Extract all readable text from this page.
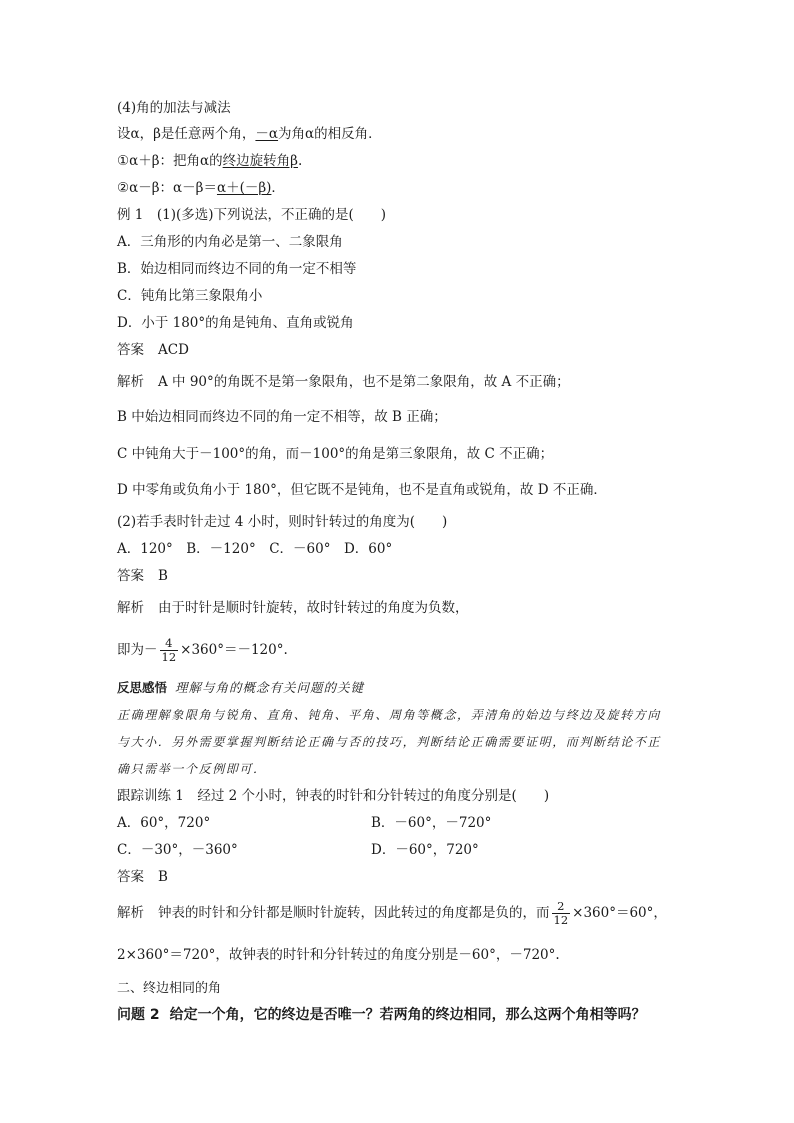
(4)角的加法与减法
设α，β是任意两个角，－α为角α的相反角．
①α＋β：把角α的终边旋转角β.
②α－β：α－β＝α＋(－β)．
例 1　(1)(多选)下列说法，不正确的是(　　)
A．三角形的内角必是第一、二象限角
B．始边相同而终边不同的角一定不相等
C．钝角比第三象限角小
D．小于 180°的角是钝角、直角或锐角
答案 ACD
解析 A 中 90°的角既不是第一象限角，也不是第二象限角，故 A 不正确；
B 中始边相同而终边不同的角一定不相等，故 B 正确；
C 中钝角大于－100°的角，而－100°的角是第三象限角，故 C 不正确；
D 中零角或负角小于 180°，但它既不是钝角，也不是直角或锐角，故 D 不正确．
(2)若手表时针走过 4 小时，则时针转过的角度为(　　)
A．120°　B．－120°　C．－60°　D．60°
答案 B
解析 由于时针是顺时针旋转，故时针转过的角度为负数，
即为－ $\frac{4}{12} \times 360^\circ=-120^\circ$.
反思感悟 理解与角的概念有关问题的关键
正确理解象限角与锐角、直角、钝角、平角、周角等概念，弄清角的始边与终边及旋转方向
与大小．另外需要掌握判断结论正确与否的技巧，判断结论正确需要证明，而判断结论不正
确只需举一个反例即可．
跟踪训练 1　经过 2 个小时，钟表的时针和分针转过的角度分别是(　　)
A．60°，720°	B．－60°，－720°
C．－30°，－360°	D．－60°，720°
答案 B
解析 钟表的时针和分针都是顺时针旋转，因此转过的角度都是负的，而 $\frac{2}{12} \times 360^\circ=60^\circ$，
2×360°＝720°，故钟表的时针和分针转过的角度分别是－60°，－720°.
二、终边相同的角
问题 2 给定一个角，它的终边是否唯一？若两角的终边相同，那么这两个角相等吗？
